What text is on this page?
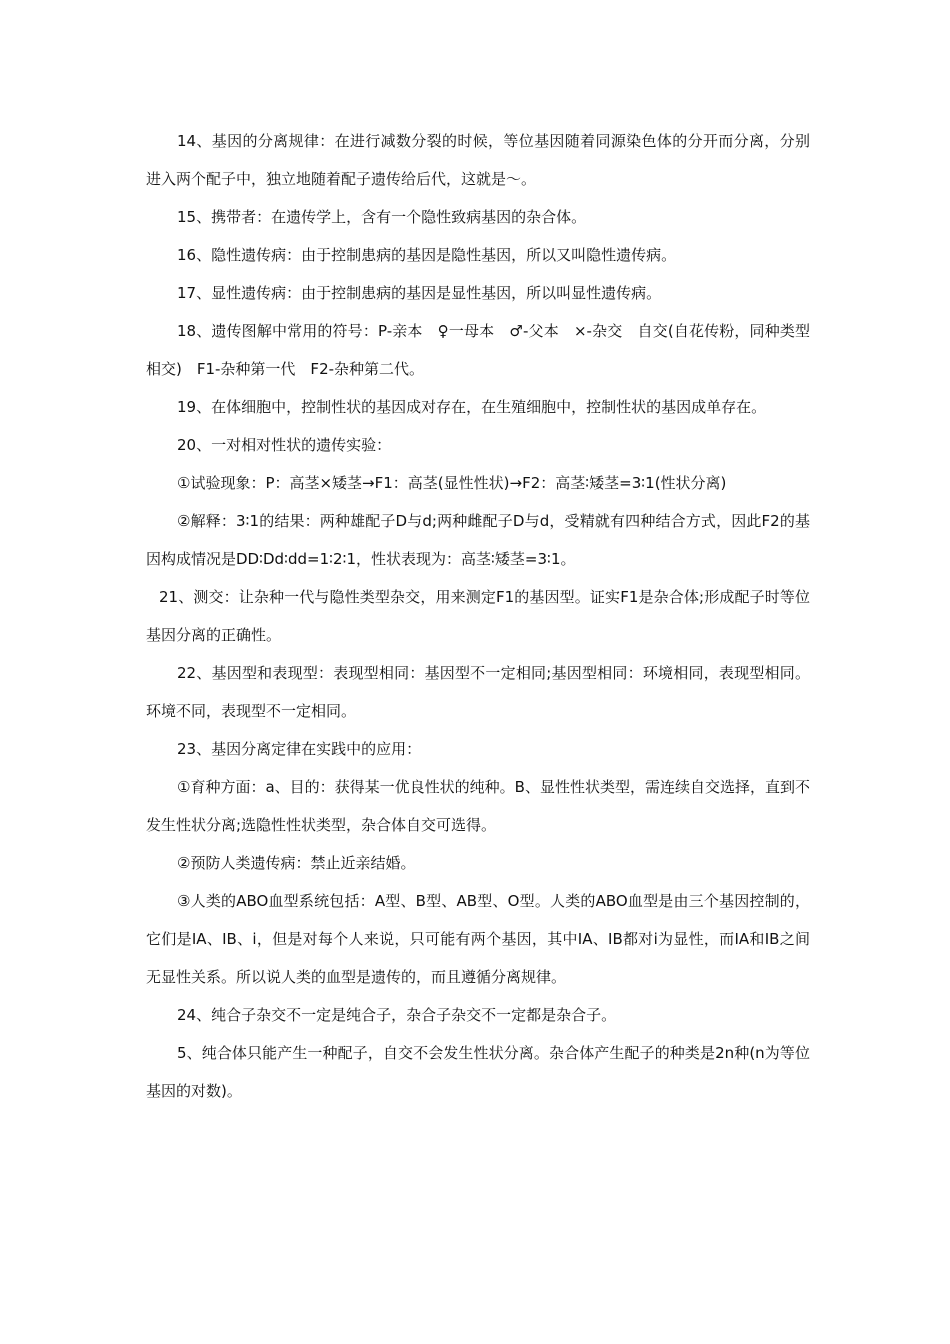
14、基因的分离规律：在进行减数分裂的时候，等位基因随着同源染色体的分开而分离，分别进入两个配子中，独立地随着配子遗传给后代，这就是～。

15、携带者：在遗传学上，含有一个隐性致病基因的杂合体。

16、隐性遗传病：由于控制患病的基因是隐性基因，所以又叫隐性遗传病。

17、显性遗传病：由于控制患病的基因是显性基因，所以叫显性遗传病。

18、遗传图解中常用的符号：P-亲本　♀一母本　♂-父本　×-杂交　自交(自花传粉，同种类型相交)　F1-杂种第一代　F2-杂种第二代。

19、在体细胞中，控制性状的基因成对存在，在生殖细胞中，控制性状的基因成单存在。

20、一对相对性状的遗传实验：

①试验现象：P：高茎×矮茎→F1：高茎(显性性状)→F2：高茎∶矮茎=3∶1(性状分离)

②解释：3∶1的结果：两种雄配子D与d;两种雌配子D与d，受精就有四种结合方式，因此F2的基因构成情况是DD∶Dd∶dd=1∶2∶1，性状表现为：高茎∶矮茎=3∶1。

21、测交：让杂种一代与隐性类型杂交，用来测定F1的基因型。证实F1是杂合体;形成配子时等位基因分离的正确性。

22、基因型和表现型：表现型相同：基因型不一定相同;基因型相同：环境相同，表现型相同。环境不同，表现型不一定相同。

23、基因分离定律在实践中的应用：

①育种方面：a、目的：获得某一优良性状的纯种。B、显性性状类型，需连续自交选择，直到不发生性状分离;选隐性性状类型，杂合体自交可选得。

②预防人类遗传病：禁止近亲结婚。

③人类的ABO血型系统包括：A型、B型、AB型、O型。人类的ABO血型是由三个基因控制的，它们是IA、IB、i，但是对每个人来说，只可能有两个基因，其中IA、IB都对i为显性，而IA和IB之间无显性关系。所以说人类的血型是遗传的，而且遵循分离规律。

24、纯合子杂交不一定是纯合子，杂合子杂交不一定都是杂合子。

5、纯合体只能产生一种配子，自交不会发生性状分离。杂合体产生配子的种类是2n种(n为等位基因的对数)。
